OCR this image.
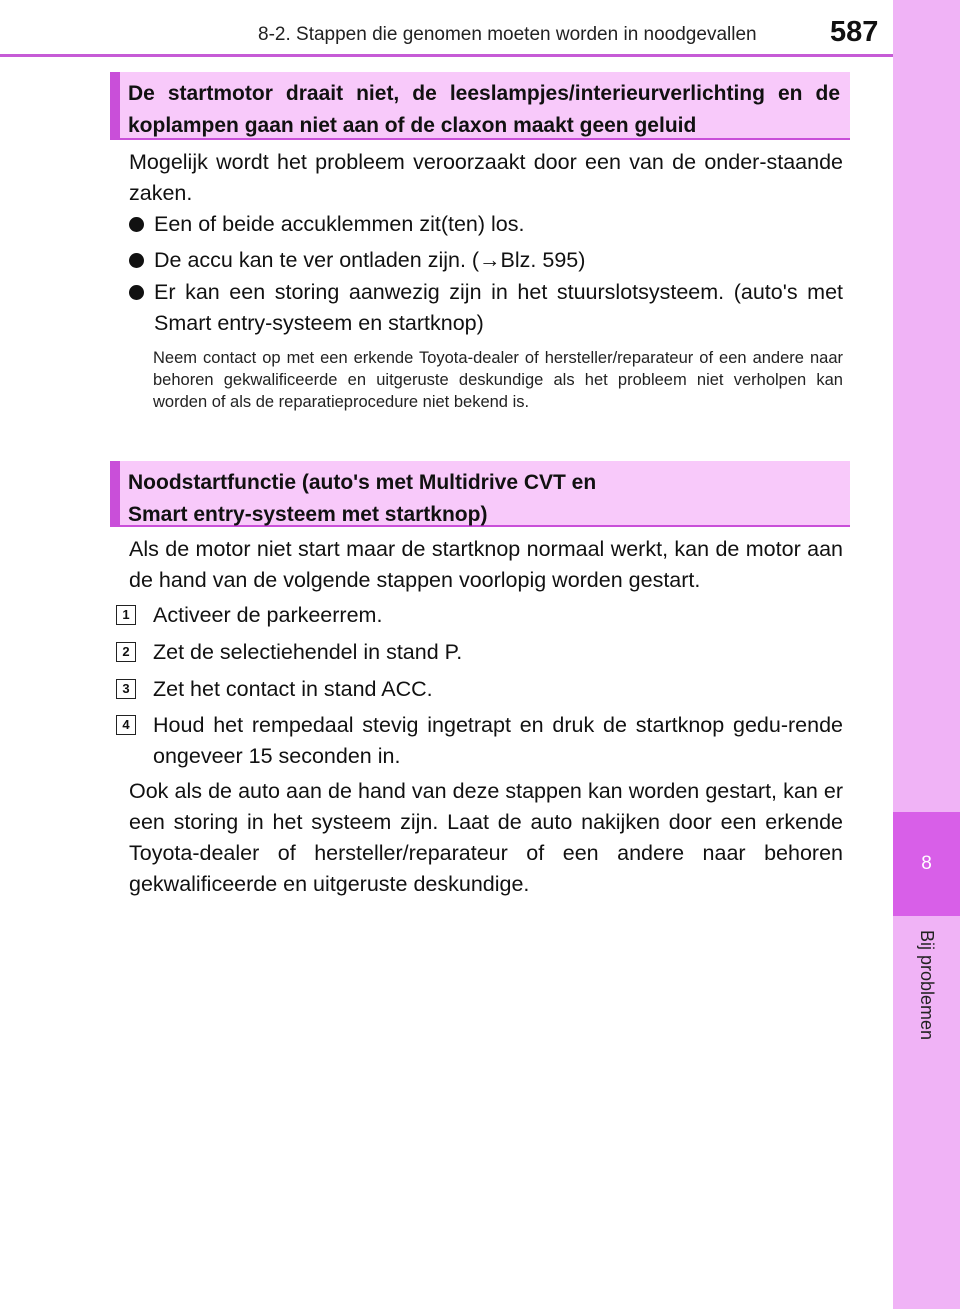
8-2. Stappen die genomen moeten worden in noodgevallen	587
8
Bij problemen
De startmotor draait niet, de leeslampjes/interieurverlichting en de koplampen gaan niet aan of de claxon maakt geen geluid
Mogelijk wordt het probleem veroorzaakt door een van de onder-staande zaken.
Een of beide accuklemmen zit(ten) los.
De accu kan te ver ontladen zijn. (→Blz. 595)
Er kan een storing aanwezig zijn in het stuurslotsysteem. (auto's met Smart entry-systeem en startknop)
Neem contact op met een erkende Toyota-dealer of hersteller/reparateur of een andere naar behoren gekwalificeerde en uitgeruste deskundige als het probleem niet verholpen kan worden of als de reparatieprocedure niet bekend is.
Noodstartfunctie (auto's met Multidrive CVT en
Smart entry-systeem met startknop)
Als de motor niet start maar de startknop normaal werkt, kan de motor aan de hand van de volgende stappen voorlopig worden gestart.
1 Activeer de parkeerrem.
2 Zet de selectiehendel in stand P.
3 Zet het contact in stand ACC.
4 Houd het rempedaal stevig ingetrapt en druk de startknop gedu-rende ongeveer 15 seconden in.
Ook als de auto aan de hand van deze stappen kan worden gestart, kan er een storing in het systeem zijn. Laat de auto nakijken door een erkende Toyota-dealer of hersteller/reparateur of een andere naar behoren gekwalificeerde en uitgeruste deskundige.
